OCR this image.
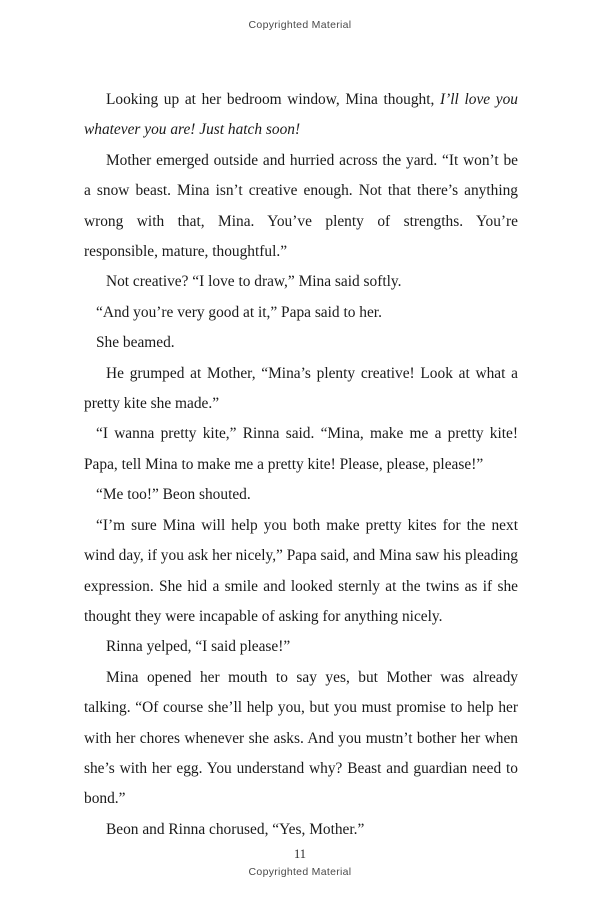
Copyrighted Material

Looking up at her bedroom window, Mina thought, I’ll love you whatever you are! Just hatch soon!

Mother emerged outside and hurried across the yard. “It won’t be a snow beast. Mina isn’t creative enough. Not that there’s anything wrong with that, Mina. You’ve plenty of strengths. You’re responsible, mature, thoughtful.”

Not creative? “I love to draw,” Mina said softly.

“And you’re very good at it,” Papa said to her.

She beamed.

He grumped at Mother, “Mina’s plenty creative! Look at what a pretty kite she made.”

“I wanna pretty kite,” Rinna said. “Mina, make me a pretty kite! Papa, tell Mina to make me a pretty kite! Please, please, please!”

“Me too!” Beon shouted.

“I’m sure Mina will help you both make pretty kites for the next wind day, if you ask her nicely,” Papa said, and Mina saw his pleading expression. She hid a smile and looked sternly at the twins as if she thought they were incapable of asking for anything nicely.

Rinna yelped, “I said please!”

Mina opened her mouth to say yes, but Mother was already talking. “Of course she’ll help you, but you must promise to help her with her chores whenever she asks. And you mustn’t bother her when she’s with her egg. You understand why? Beast and guardian need to bond.”

Beon and Rinna chorused, “Yes, Mother.”

11
Copyrighted Material
